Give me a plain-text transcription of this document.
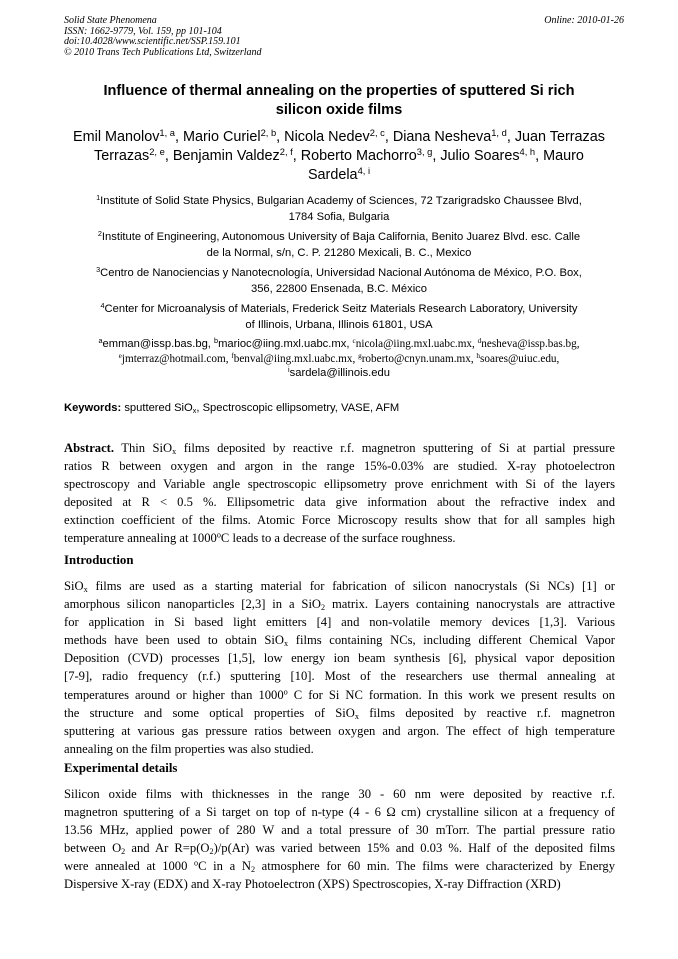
Solid State Phenomena
ISSN: 1662-9779, Vol. 159, pp 101-104
doi:10.4028/www.scientific.net/SSP.159.101
© 2010 Trans Tech Publications Ltd, Switzerland
Online: 2010-01-26
Influence of thermal annealing on the properties of sputtered Si rich
silicon oxide films
Emil Manolov$^{1, a}$, Mario Curiel$^{2, b}$, Nicola Nedev$^{2, c}$, Diana Nesheva$^{1, d}$, Juan Terrazas
Terrazas$^{2, e}$, Benjamin Valdez$^{2, f}$, Roberto Machorro$^{3, g}$, Julio Soares$^{4, h}$, Mauro
Sardela$^{4, i}$
$^1$Institute of Solid State Physics, Bulgarian Academy of Sciences, 72 Tzarigradsko Chaussee Blvd,
1784 Sofia, Bulgaria
$^2$Institute of Engineering, Autonomous University of Baja California, Benito Juarez Blvd. esc. Calle
de la Normal, s/n, C. P. 21280 Mexicali, B. C., Mexico
$^3$Centro de Nanociencias y Nanotecnología, Universidad Nacional Autónoma de México, P.O. Box,
356, 22800 Ensenada, B.C. México
$^4$Center for Microanalysis of Materials, Frederick Seitz Materials Research Laboratory, University
of Illinois, Urbana, Illinois 61801, USA
$^a$emman@issp.bas.bg, $^b$marioc@iing.mxl.uabc.mx, $^c$nicola@iing.mxl.uabc.mx, $^d$nesheva@issp.bas.bg,
$^e$jmterraz@hotmail.com, $^f$benval@iing.mxl.uabc.mx, $^g$roberto@cnyn.unam.mx, $^h$soares@uiuc.edu,
$^i$sardela@illinois.edu
Keywords: sputtered SiO$_x$, Spectroscopic ellipsometry, VASE, AFM
Abstract. Thin SiO$_x$ films deposited by reactive r.f. magnetron sputtering of Si at partial pressure
ratios R between oxygen and argon in the range 15%-0.03% are studied. X-ray photoelectron
spectroscopy and Variable angle spectroscopic ellipsometry prove enrichment with Si of the layers
deposited at R < 0.5 %. Ellipsometric data give information about the refractive index and
extinction coefficient of the films. Atomic Force Microscopy results show that for all samples high
temperature annealing at 1000$^o$C leads to a decrease of the surface roughness.
Introduction
SiO$_x$ films are used as a starting material for fabrication of silicon nanocrystals (Si NCs) [1] or
amorphous silicon nanoparticles [2,3] in a SiO$_2$ matrix. Layers containing nanocrystals are attractive
for application in Si based light emitters [4] and non-volatile memory devices [1,3]. Various
methods have been used to obtain SiO$_x$ films containing NCs, including different Chemical Vapor
Deposition (CVD) processes [1,5], low energy ion beam synthesis [6], physical vapor deposition
[7-9], radio frequency (r.f.) sputtering [10]. Most of the researchers use thermal annealing at
temperatures around or higher than 1000$^o$ C for Si NC formation. In this work we present results on
the structure and some optical properties of SiO$_x$ films deposited by reactive r.f. magnetron
sputtering at various gas pressure ratios between oxygen and argon. The effect of high temperature
annealing on the film properties was also studied.
Experimental details
Silicon oxide films with thicknesses in the range 30 - 60 nm were deposited by reactive r.f.
magnetron sputtering of a Si target on top of n-type (4 - 6 Ω cm) crystalline silicon at a frequency of
13.56 MHz, applied power of 280 W and a total pressure of 30 mTorr. The partial pressure ratio
between $O_2$ and Ar $R=p(O_2)/p(Ar)$ was varied between 15% and 0.03 %. Half of the deposited films
were annealed at 1000 $^o$C in a $N_2$ atmosphere for 60 min. The films were characterized by Energy
Dispersive X-ray (EDX) and X-ray Photoelectron (XPS) Spectroscopies, X-ray Diffraction (XRD)
